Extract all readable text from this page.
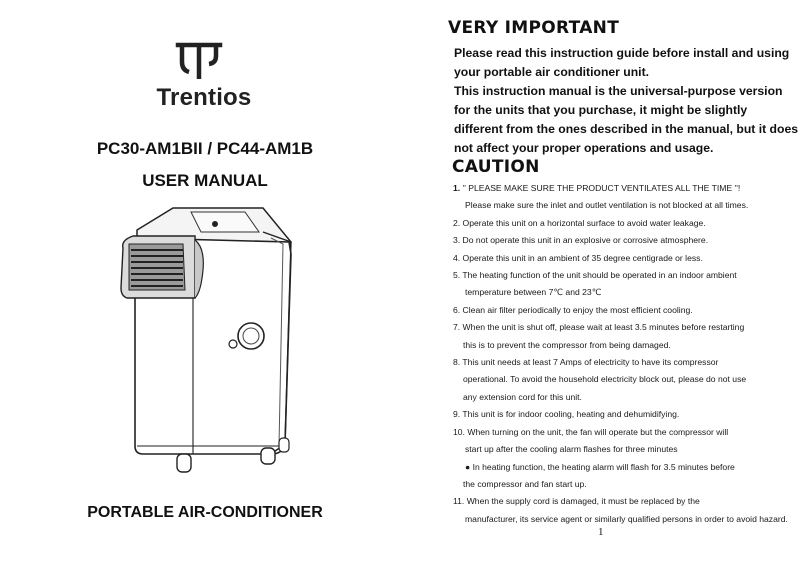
Trentios
PC30-AM1BII / PC44-AM1B
USER MANUAL
PORTABLE AIR-CONDITIONER
VERY IMPORTANT

Please read this instruction guide before install and using

your portable air conditioner unit.

This instruction manual is the universal-purpose version

for the units that you purchase, it might be slightly

different from the ones described in the manual, but it does

not affect your proper operations and usage.

CAUTION
1. '' PLEASE MAKE SURE THE PRODUCT VENTILATES ALL THE TIME ''!
Please make sure the inlet and outlet ventilation is not blocked at all times.
2. Operate this unit on a horizontal surface to avoid water leakage.
3. Do not operate this unit in an explosive or corrosive atmosphere.
4. Operate this unit in an ambient of 35 degree centigrade or less.
5. The heating function of the unit should be operated in an indoor ambient
temperature between 7℃ and 23℃
6. Clean air filter periodically to enjoy the most efficient cooling.
7. When the unit is shut off, please wait at least 3.5 minutes before restarting
this is to prevent the compressor from being damaged.
8. This unit needs at least 7 Amps of electricity to have its compressor
operational. To avoid the household electricity block out, please do not use
any extension cord for this unit.
9. This unit is for indoor cooling, heating and dehumidifying.
10. When turning on the unit, the fan will operate but the compressor will
start up after the cooling alarm flashes for three minutes
● In heating function, the heating alarm will flash for 3.5 minutes before
the compressor and fan start up.
11. When the supply cord is damaged, it must be replaced by the
manufacturer, its service agent or similarly qualified persons in order to avoid hazard.
1
